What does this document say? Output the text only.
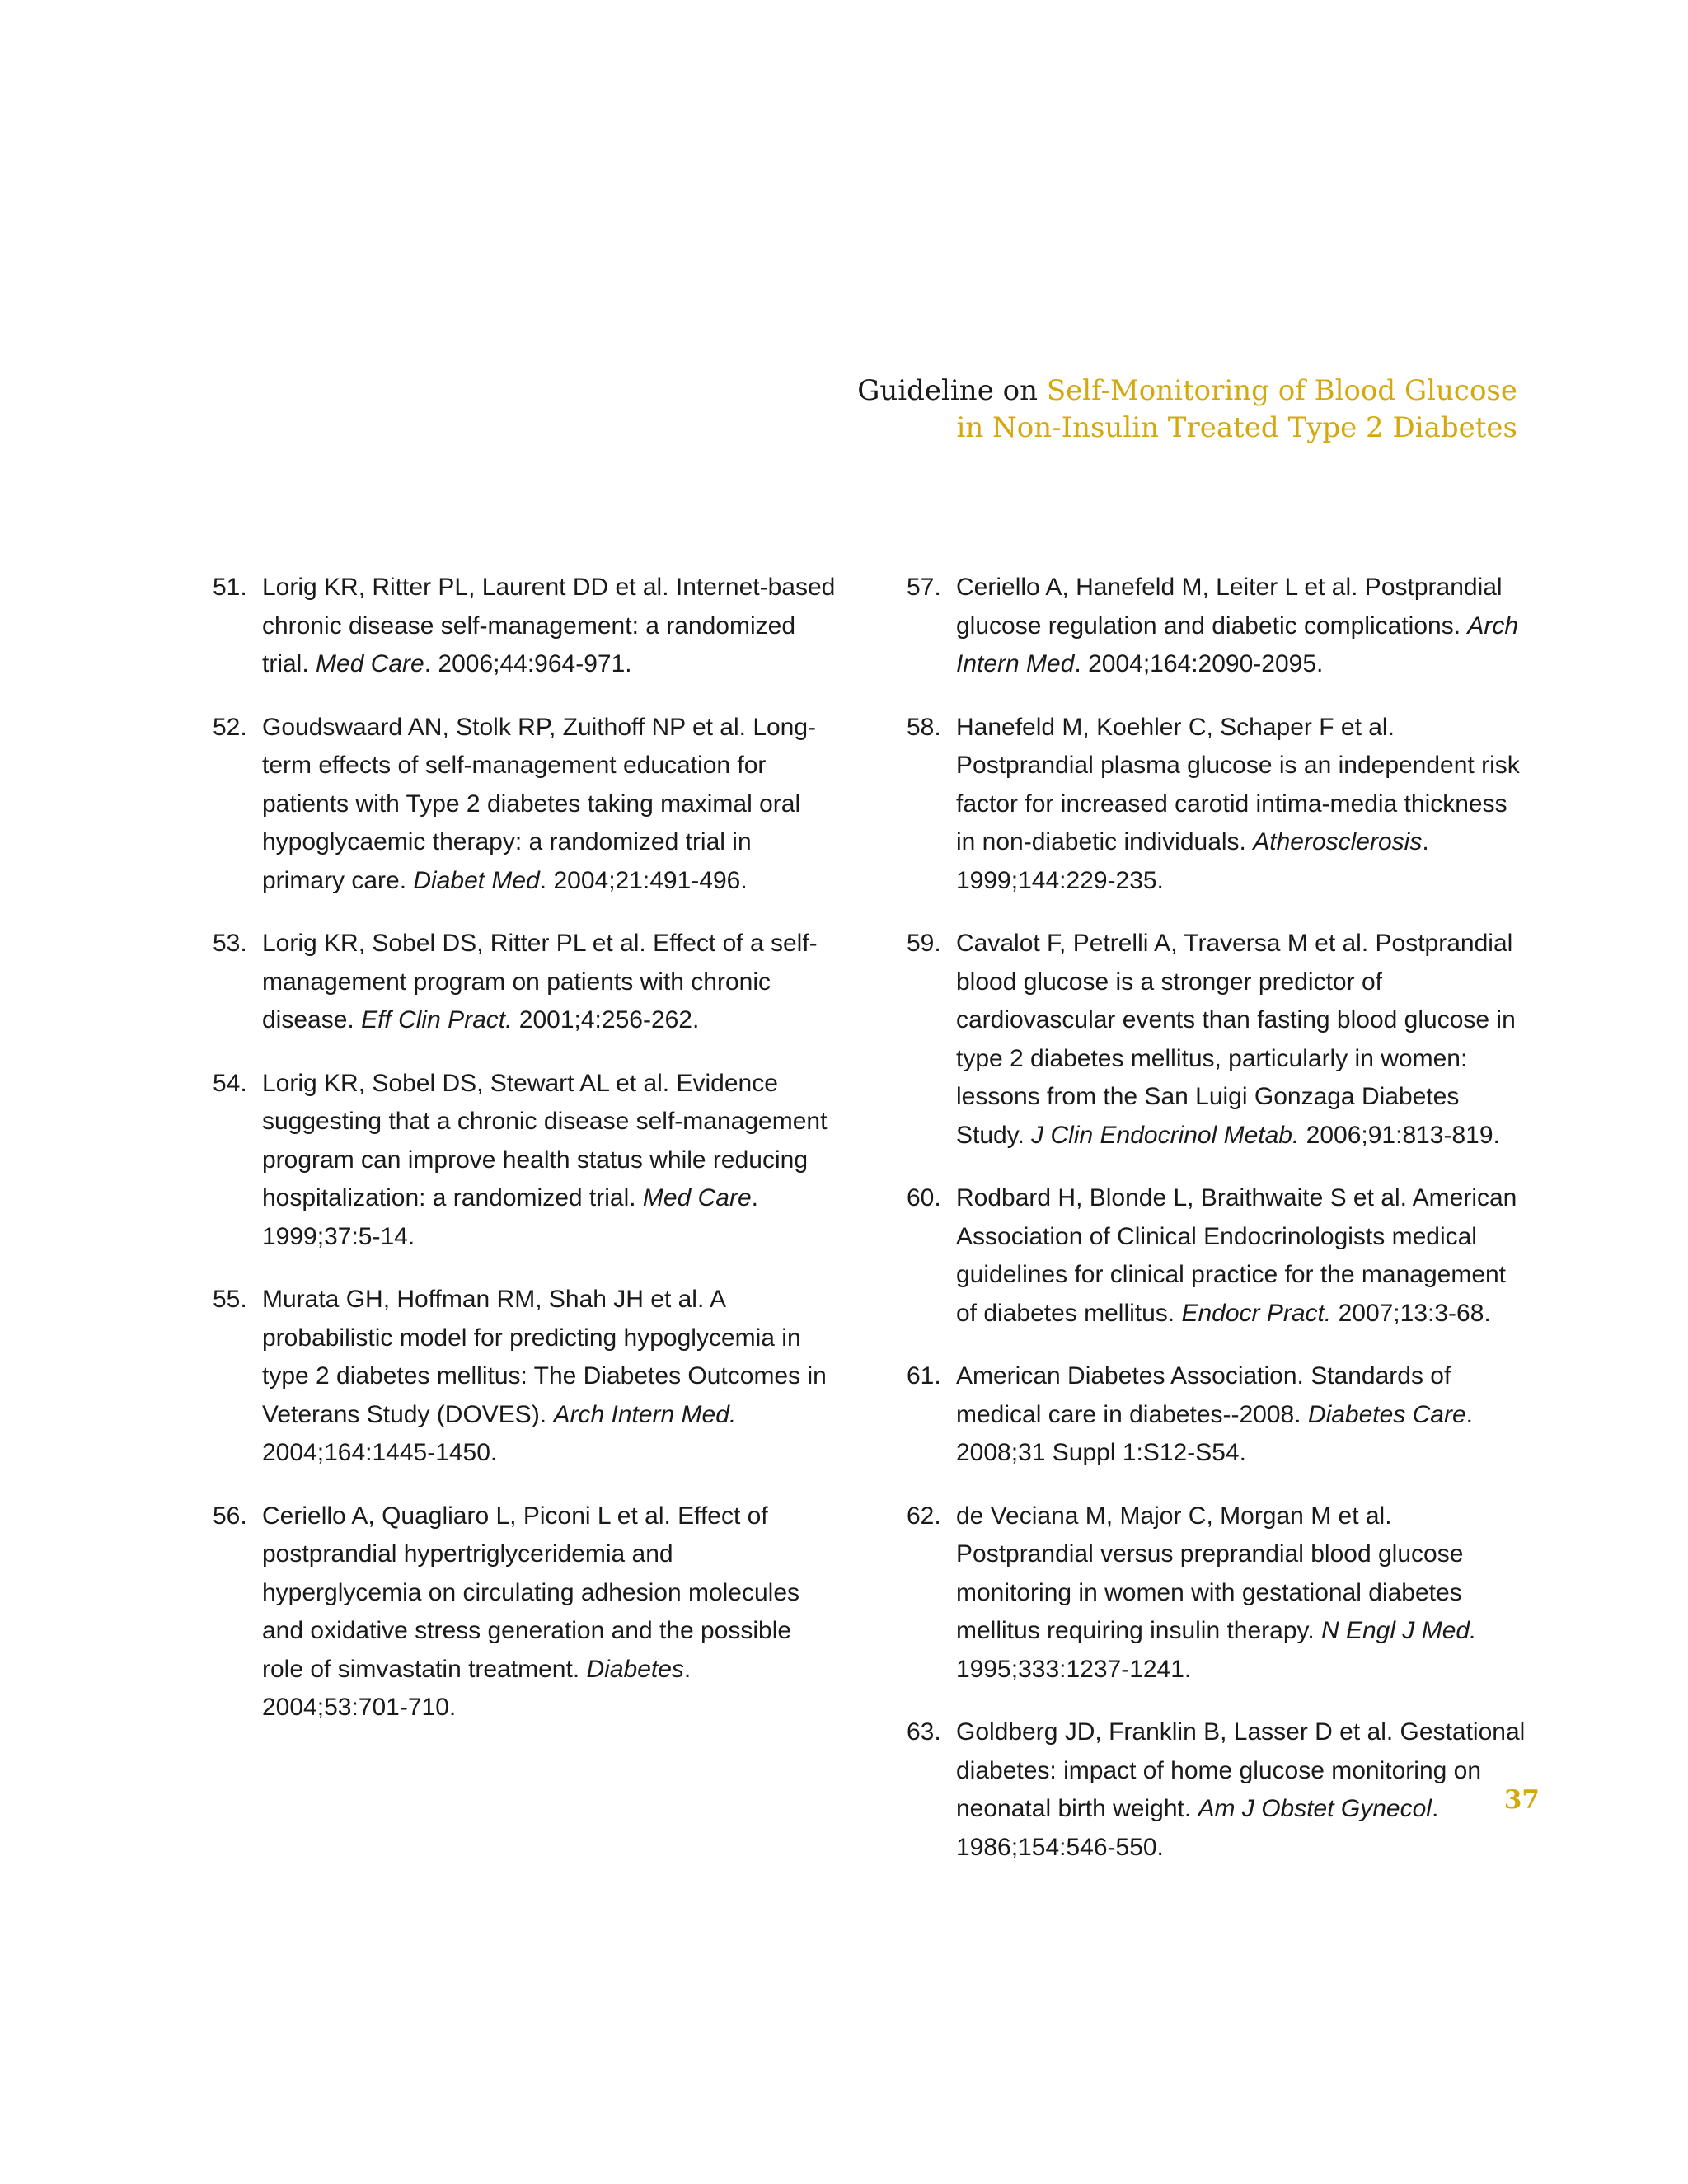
Guideline on Self-Monitoring of Blood Glucose
in Non-Insulin Treated Type 2 Diabetes
51. Lorig KR, Ritter PL, Laurent DD et al. Internet-based chronic disease self-management: a randomized trial. Med Care. 2006;44:964-971.
52. Goudswaard AN, Stolk RP, Zuithoff NP et al. Long-term effects of self-management education for patients with Type 2 diabetes taking maximal oral hypoglycaemic therapy: a randomized trial in primary care. Diabet Med. 2004;21:491-496.
53. Lorig KR, Sobel DS, Ritter PL et al. Effect of a self-management program on patients with chronic disease. Eff Clin Pract. 2001;4:256-262.
54. Lorig KR, Sobel DS, Stewart AL et al. Evidence suggesting that a chronic disease self-management program can improve health status while reducing hospitalization: a randomized trial. Med Care. 1999;37:5-14.
55. Murata GH, Hoffman RM, Shah JH et al. A probabilistic model for predicting hypoglycemia in type 2 diabetes mellitus: The Diabetes Outcomes in Veterans Study (DOVES). Arch Intern Med. 2004;164:1445-1450.
56. Ceriello A, Quagliaro L, Piconi L et al. Effect of postprandial hypertriglyceridemia and hyperglycemia on circulating adhesion molecules and oxidative stress generation and the possible role of simvastatin treatment. Diabetes. 2004;53:701-710.
57. Ceriello A, Hanefeld M, Leiter L et al. Postprandial glucose regulation and diabetic complications. Arch Intern Med. 2004;164:2090-2095.
58. Hanefeld M, Koehler C, Schaper F et al. Postprandial plasma glucose is an independent risk factor for increased carotid intima-media thickness in non-diabetic individuals. Atherosclerosis. 1999;144:229-235.
59. Cavalot F, Petrelli A, Traversa M et al. Postprandial blood glucose is a stronger predictor of cardiovascular events than fasting blood glucose in type 2 diabetes mellitus, particularly in women: lessons from the San Luigi Gonzaga Diabetes Study. J Clin Endocrinol Metab. 2006;91:813-819.
60. Rodbard H, Blonde L, Braithwaite S et al. American Association of Clinical Endocrinologists medical guidelines for clinical practice for the management of diabetes mellitus. Endocr Pract. 2007;13:3-68.
61. American Diabetes Association. Standards of medical care in diabetes--2008. Diabetes Care. 2008;31 Suppl 1:S12-S54.
62. de Veciana M, Major C, Morgan M et al. Postprandial versus preprandial blood glucose monitoring in women with gestational diabetes mellitus requiring insulin therapy. N Engl J Med. 1995;333:1237-1241.
63. Goldberg JD, Franklin B, Lasser D et al. Gestational diabetes: impact of home glucose monitoring on neonatal birth weight. Am J Obstet Gynecol. 1986;154:546-550.
37
